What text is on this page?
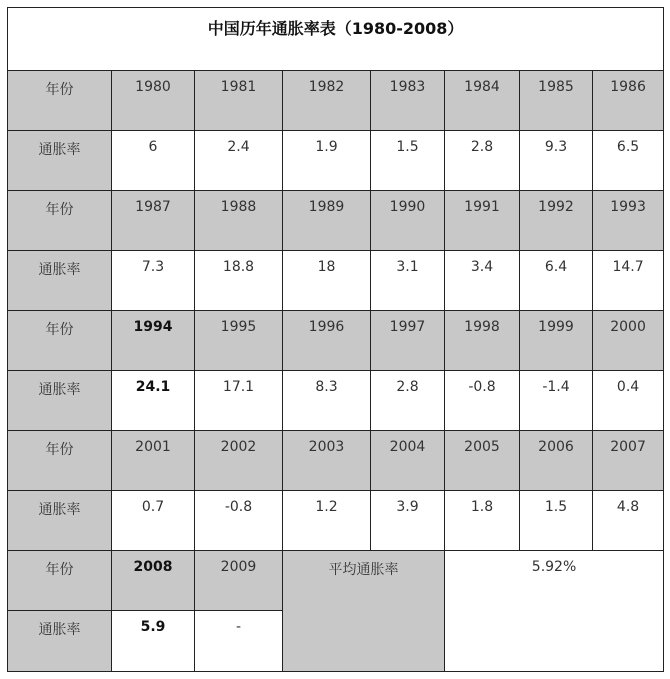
中国历年通胀率表（1980-2008）							
年份	1980	1981	1982	1983	1984	1985	1986
通胀率	6	2.4	1.9	1.5	2.8	9.3	6.5
年份	1987	1988	1989	1990	1991	1992	1993
通胀率	7.3	18.8	18	3.1	3.4	6.4	14.7
年份	1994	1995	1996	1997	1998	1999	2000
通胀率	24.1	17.1	8.3	2.8	-0.8	-1.4	0.4
年份	2001	2002	2003	2004	2005	2006	2007
通胀率	0.7	-0.8	1.2	3.9	1.8	1.5	4.8
年份	2008	2009	平均通胀率		5.92%		
通胀率	5.9	-					
